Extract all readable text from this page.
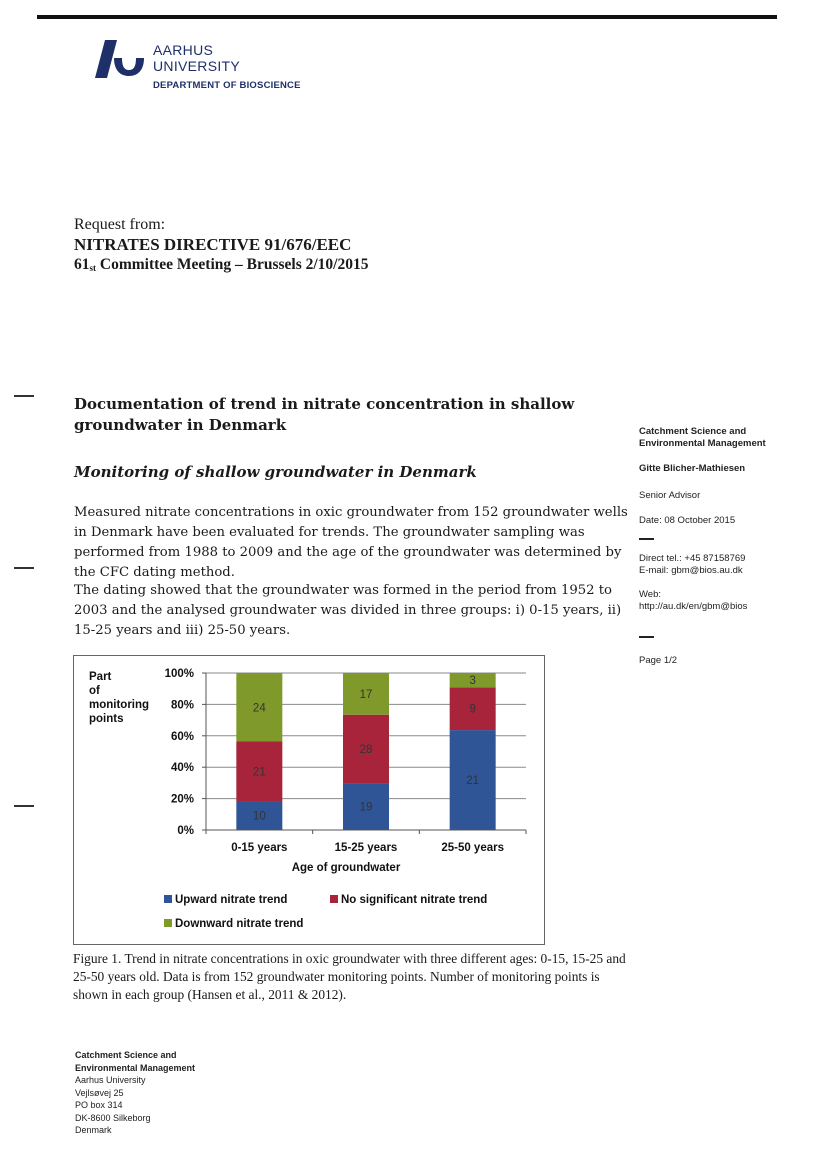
AARHUS
UNIVERSITY
DEPARTMENT OF BIOSCIENCE
Request from:
NITRATES DIRECTIVE 91/676/EEC
$61_{st}$ Committee Meeting – Brussels 2/10/2015
Documentation of trend in nitrate concentration in shallow groundwater in Denmark
Monitoring of shallow groundwater in Denmark
Measured nitrate concentrations in oxic groundwater from 152 groundwater wells in Denmark have been evaluated for trends. The groundwater sampling was performed from 1988 to 2009 and the age of the groundwater was determined by the CFC dating method.
The dating showed that the groundwater was formed in the period from 1952 to 2003 and the analysed groundwater was divided in three groups: i) 0-15 years, ii) 15-25 years and iii) 25-50 years.
Catchment Science and
Environmental Management
Gitte Blicher-Mathiesen
Senior Advisor
Date: 08 October 2015
Direct tel.: +45 87158769
E-mail: gbm@bios.au.dk
Web:
http://au.dk/en/gbm@bios
Page 1/2
Part of monitoring points
10
21
24
19
28
17
21
9
3
0%
20%
40%
60%
80%
100%
0-15 years	15-25 years	25-50 years
Age of groundwater
Upward nitrate trend	No significant nitrate trend
Downward nitrate trend
Figure 1. Trend in nitrate concentrations in oxic groundwater with three different ages: 0-15, 15-25 and 25-50 years old. Data is from 152 groundwater monitoring points. Number of monitoring points is shown in each group (Hansen et al., 2011 & 2012).
Catchment Science and
Environmental Management
Aarhus University
Vejlsøvej 25
PO box 314
DK-8600 Silkeborg
Denmark
